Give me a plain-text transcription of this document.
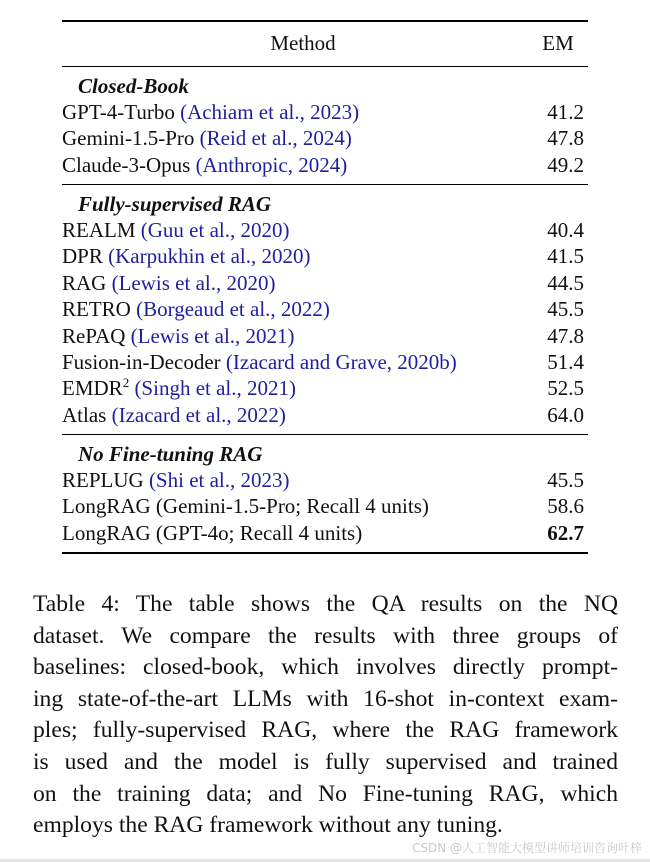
Method	EM
Closed-Book
GPT-4-Turbo (Achiam et al., 2023)	41.2
Gemini-1.5-Pro (Reid et al., 2024)	47.8
Claude-3-Opus (Anthropic, 2024)	49.2
Fully-supervised RAG
REALM (Guu et al., 2020)	40.4
DPR (Karpukhin et al., 2020)	41.5
RAG (Lewis et al., 2020)	44.5
RETRO (Borgeaud et al., 2022)	45.5
RePAQ (Lewis et al., 2021)	47.8
Fusion-in-Decoder (Izacard and Grave, 2020b)	51.4
EMDR$^2$ (Singh et al., 2021)	52.5
Atlas (Izacard et al., 2022)	64.0
No Fine-tuning RAG
REPLUG (Shi et al., 2023)	45.5
LongRAG (Gemini-1.5-Pro; Recall 4 units)	58.6
LongRAG (GPT-4o; Recall 4 units)	62.7
Table 4: The table shows the QA results on the NQ
dataset. We compare the results with three groups of
baselines: closed-book, which involves directly prompt-
ing state-of-the-art LLMs with 16-shot in-context exam-
ples; fully-supervised RAG, where the RAG framework
is used and the model is fully supervised and trained
on the training data; and No Fine-tuning RAG, which
employs the RAG framework without any tuning.
CSDN @人工智能大模型讲师培训咨询叶梓
